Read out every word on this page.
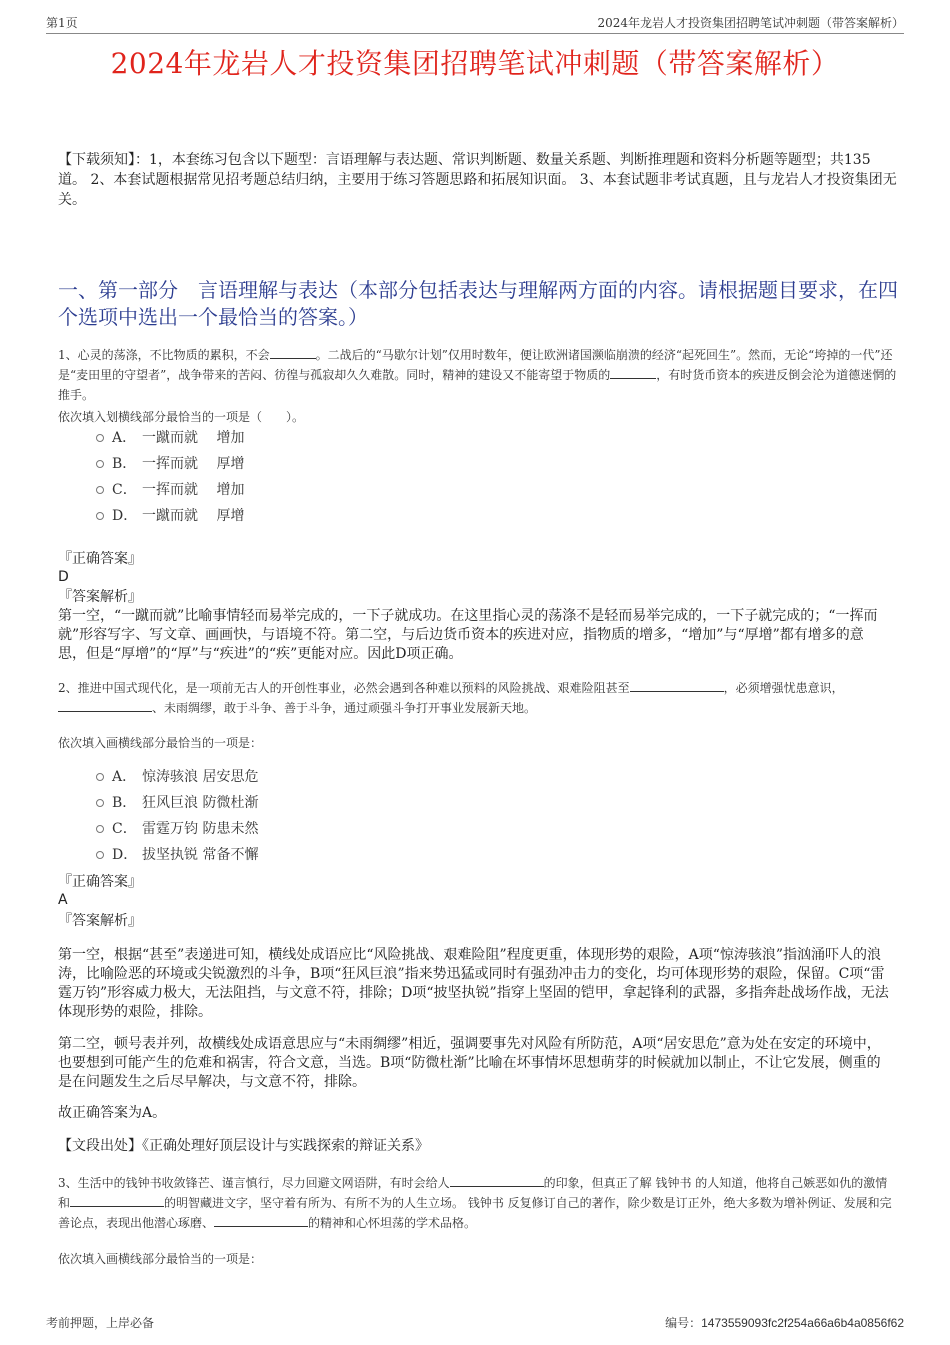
第1页	2024年龙岩人才投资集团招聘笔试冲刺题（带答案解析）
2024年龙岩人才投资集团招聘笔试冲刺题（带答案解析）
【下载须知】：1，本套练习包含以下题型：言语理解与表达题、常识判断题、数量关系题、判断推理题和资料分析题等题型；共135道。 2、本套试题根据常见招考题总结归纳，主要用于练习答题思路和拓展知识面。 3、本套试题非考试真题，且与龙岩人才投资集团无关。
一、第一部分　言语理解与表达（本部分包括表达与理解两方面的内容。请根据题目要求，在四个选项中选出一个最恰当的答案。）
1、心灵的荡涤，不比物质的累积，不会	。二战后的“马歇尔计划”仅用时数年，便让欧洲诸国濒临崩溃的经济“起死回生”。然而，无论“垮掉的一代”还是“麦田里的守望者”，战争带来的苦闷、彷徨与孤寂却久久难散。同时，精神的建设又不能寄望于物质的	，有时货币资本的疾进反倒会沦为道德迷惘的推手。
依次填入划横线部分最恰当的一项是（　　）。
A． 一蹴而就　 增加
B． 一挥而就　 厚增
C． 一挥而就　 增加
D． 一蹴而就　 厚增
『正确答案』
D
『答案解析』
第一空，“一蹴而就”比喻事情轻而易举完成的，一下子就成功。在这里指心灵的荡涤不是轻而易举完成的，一下子就完成的；“一挥而就”形容写字、写文章、画画快，与语境不符。第二空，与后边货币资本的疾进对应，指物质的增多，“增加”与“厚增”都有增多的意思，但是“厚增”的“厚”与“疾进”的“疾”更能对应。因此D项正确。
2、推进中国式现代化，是一项前无古人的开创性事业，必然会遇到各种难以预料的风险挑战、艰难险阻甚至	，必须增强忧患意识，、未雨绸缪，敢于斗争、善于斗争，通过顽强斗争打开事业发展新天地。
依次填入画横线部分最恰当的一项是：
A． 惊涛骇浪 居安思危
B． 狂风巨浪 防微杜渐
C． 雷霆万钧 防患未然
D． 拔坚执锐 常备不懈
『正确答案』
A
『答案解析』
第一空，根据“甚至”表递进可知，横线处成语应比“风险挑战、艰难险阻”程度更重，体现形势的艰险，A项“惊涛骇浪”指汹涌吓人的浪涛，比喻险恶的环境或尖锐激烈的斗争，B项“狂风巨浪”指来势迅猛或同时有强劲冲击力的变化，均可体现形势的艰险，保留。C项“雷霆万钧”形容威力极大，无法阻挡，与文意不符，排除；D项“披坚执锐”指穿上坚固的铠甲，拿起锋利的武器，多指奔赴战场作战，无法体现形势的艰险，排除。
第二空，顿号表并列，故横线处成语意思应与“未雨绸缪”相近，强调要事先对风险有所防范，A项“居安思危”意为处在安定的环境中，也要想到可能产生的危难和祸害，符合文意，当选。B项“防微杜渐”比喻在坏事情坏思想萌芽的时候就加以制止，不让它发展，侧重的是在问题发生之后尽早解决，与文意不符，排除。
故正确答案为A。
【文段出处】《正确处理好顶层设计与实践探索的辩证关系》
3、生活中的钱钟书收敛锋芒、谨言慎行，尽力回避文网语阱，有时会给人	的印象，但真正了解 钱钟书 的人知道，他将自己嫉恶如仇的激情和	的明智藏进文字，坚守着有所为、有所不为的人生立场。 钱钟书 反复修订自己的著作，除少数是订正外，绝大多数为增补例证、发展和完善论点，表现出他潜心琢磨、	的精神和心怀坦荡的学术品格。
依次填入画横线部分最恰当的一项是：
考前押题，上岸必备	编号：1473559093fc2f254a66a6b4a0856f62
